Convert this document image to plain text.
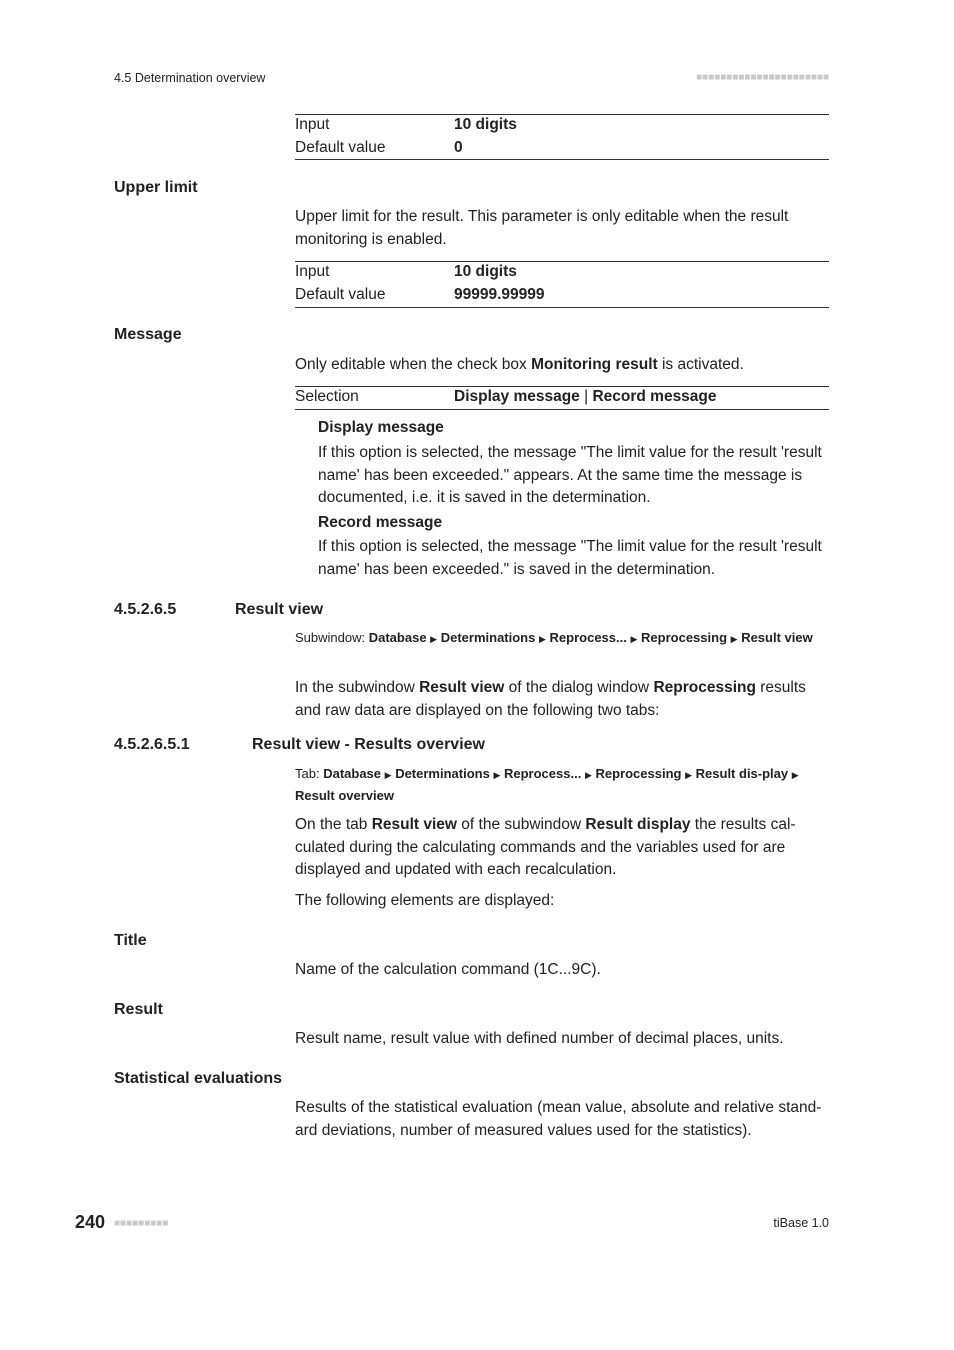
4.5 Determination overview	■■■■■■■■■■■■■■■■■■■■■■
Input	10 digits
Default value	0
Upper limit
Upper limit for the result. This parameter is only editable when the result monitoring is enabled.
Input	10 digits
Default value	99999.99999
Message
Only editable when the check box Monitoring result is activated.
Selection	Display message | Record message
Display message
If this option is selected, the message "The limit value for the result 'result name' has been exceeded." appears. At the same time the message is documented, i.e. it is saved in the determination.
Record message
If this option is selected, the message "The limit value for the result 'result name' has been exceeded." is saved in the determination.
4.5.2.6.5	Result view
Subwindow: Database ▶ Determinations ▶ Reprocess... ▶ Reprocessing ▶ Result view
In the subwindow Result view of the dialog window Reprocessing results and raw data are displayed on the following two tabs:
4.5.2.6.5.1	Result view - Results overview
Tab: Database ▶ Determinations ▶ Reprocess... ▶ Reprocessing ▶ Result dis-play ▶ Result overview
On the tab Result view of the subwindow Result display the results cal-culated during the calculating commands and the variables used for are displayed and updated with each recalculation.
The following elements are displayed:
Title
Name of the calculation command (1C...9C).
Result
Result name, result value with defined number of decimal places, units.
Statistical evaluations
Results of the statistical evaluation (mean value, absolute and relative stand-ard deviations, number of measured values used for the statistics).
240 ■■■■■■■■■	tiBase 1.0
